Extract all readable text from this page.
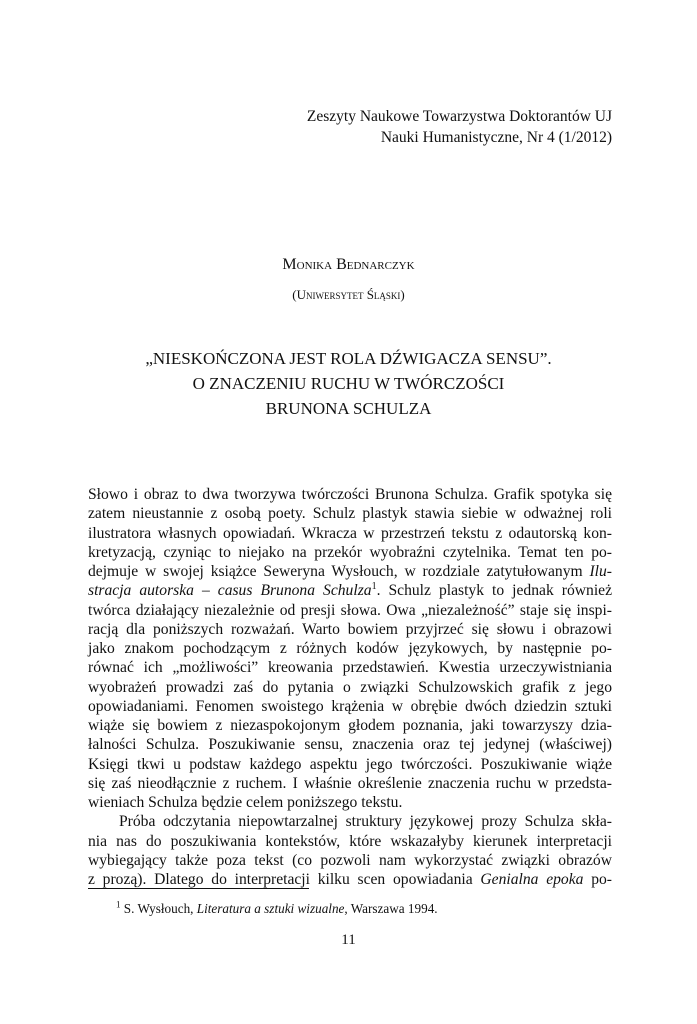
Zeszyty Naukowe Towarzystwa Doktorantów UJ
Nauki Humanistyczne, Nr 4 (1/2012)
Monika Bednarczyk
(Uniwersytet Śląski)
„NIESKOŃCZONA JEST ROLA DŹWIGACZA SENSU”.
O ZNACZENIU RUCHU W TWÓRCZOŚCI
BRUNONA SCHULZA
Słowo i obraz to dwa tworzywa twórczości Brunona Schulza. Grafik spotyka się
zatem nieustannie z osobą poety. Schulz plastyk stawia siebie w odważnej roli
ilustratora własnych opowiadań. Wkracza w przestrzeń tekstu z odautorską kon-
kretyzacją, czyniąc to niejako na przekór wyobraźni czytelnika. Temat ten po-
dejmuje w swojej książce Seweryna Wysłouch, w rozdziale zatytułowanym Ilu-
stracja autorska – casus Brunona Schulza$^1$. Schulz plastyk to jednak również
twórca działający niezależnie od presji słowa. Owa „niezależność” staje się inspi-
racją dla poniższych rozważań. Warto bowiem przyjrzeć się słowu i obrazowi
jako znakom pochodzącym z różnych kodów językowych, by następnie po-
równać ich „możliwości” kreowania przedstawień. Kwestia urzeczywistniania
wyobrażeń prowadzi zaś do pytania o związki Schulzowskich grafik z jego
opowiadaniami. Fenomen swoistego krążenia w obrębie dwóch dziedzin sztuki
wiąże się bowiem z niezaspokojonym głodem poznania, jaki towarzyszy dzia-
łalności Schulza. Poszukiwanie sensu, znaczenia oraz tej jedynej (właściwej)
Księgi tkwi u podstaw każdego aspektu jego twórczości. Poszukiwanie wiąże
się zaś nieodłącznie z ruchem. I właśnie określenie znaczenia ruchu w przedsta-
wieniach Schulza będzie celem poniższego tekstu.
Próba odczytania niepowtarzalnej struktury językowej prozy Schulza skła-
nia nas do poszukiwania kontekstów, które wskazałyby kierunek interpretacji
wybiegający także poza tekst (co pozwoli nam wykorzystać związki obrazów
z prozą). Dlatego do interpretacji kilku scen opowiadania Genialna epoka po-
$^1$ S. Wysłouch, Literatura a sztuki wizualne, Warszawa 1994.
11
